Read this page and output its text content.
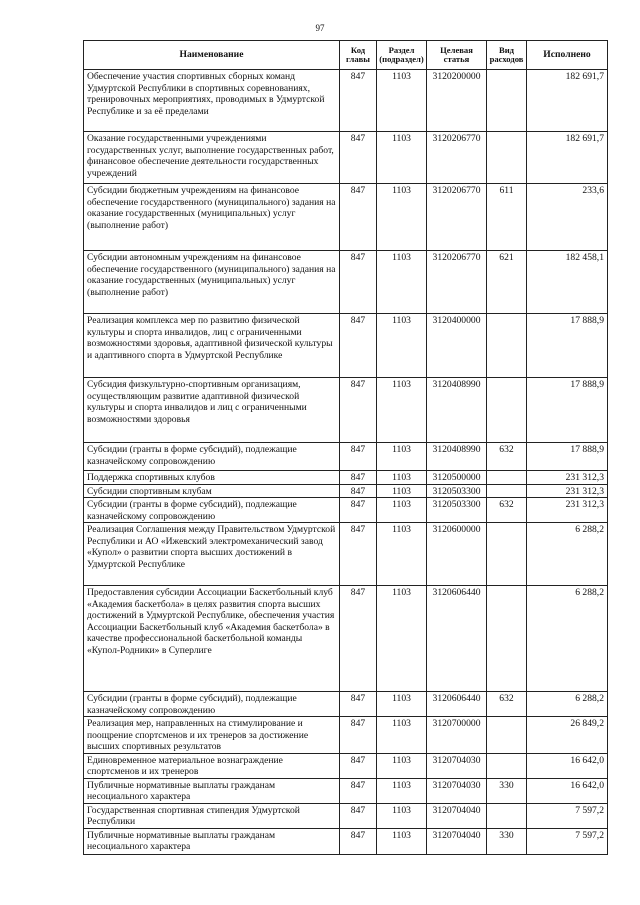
97
Наименование	Код главы	Раздел (подраздел)	Целевая статья	Вид расходов	Исполнено
Обеспечение участия спортивных сборных команд Удмуртской Республики в спортивных соревнованиях, тренировочных мероприятиях, проводимых в Удмуртской Республике и за её пределами	847	1103	3120200000		182 691,7
Оказание государственными учреждениями государственных услуг, выполнение государственных работ, финансовое обеспечение деятельности государственных учреждений	847	1103	3120206770		182 691,7
Субсидии бюджетным учреждениям на финансовое обеспечение государственного (муниципального) задания на оказание государственных (муниципальных) услуг (выполнение работ)	847	1103	3120206770	611	233,6
Субсидии автономным учреждениям на финансовое обеспечение государственного (муниципального) задания на оказание государственных (муниципальных) услуг (выполнение работ)	847	1103	3120206770	621	182 458,1
Реализация комплекса мер по развитию физической культуры и спорта инвалидов, лиц с ограниченными возможностями здоровья, адаптивной физической культуры и адаптивного спорта в Удмуртской Республике	847	1103	3120400000		17 888,9
Субсидия физкультурно-спортивным организациям, осуществляющим развитие адаптивной физической культуры и спорта инвалидов и лиц с ограниченными возможностями здоровья	847	1103	3120408990		17 888,9
Субсидии (гранты в форме субсидий), подлежащие казначейскому сопровождению	847	1103	3120408990	632	17 888,9
Поддержка спортивных клубов	847	1103	3120500000		231 312,3
Субсидии спортивным клубам	847	1103	3120503300		231 312,3
Субсидии (гранты в форме субсидий), подлежащие казначейскому сопровождению	847	1103	3120503300	632	231 312,3
Реализация Соглашения между Правительством Удмуртской Республики и АО «Ижевский электромеханический завод «Купол» о развитии спорта высших достижений в Удмуртской Республике	847	1103	3120600000		6 288,2
Предоставления субсидии Ассоциации Баскетбольный клуб «Академия баскетбола» в целях развития спорта высших достижений в Удмуртской Республике, обеспечения участия Ассоциации Баскетбольный клуб «Академия баскетбола» в качестве профессиональной баскетбольной команды «Купол-Родники» в Суперлиге	847	1103	3120606440		6 288,2
Субсидии (гранты в форме субсидий), подлежащие казначейскому сопровождению	847	1103	3120606440	632	6 288,2
Реализация мер, направленных на стимулирование и поощрение спортсменов и их тренеров за достижение высших спортивных результатов	847	1103	3120700000		26 849,2
Единовременное материальное вознаграждение спортсменов и их тренеров	847	1103	3120704030		16 642,0
Публичные нормативные выплаты гражданам несоциального характера	847	1103	3120704030	330	16 642,0
Государственная спортивная стипендия Удмуртской Республики	847	1103	3120704040		7 597,2
Публичные нормативные выплаты гражданам несоциального характера	847	1103	3120704040	330	7 597,2
